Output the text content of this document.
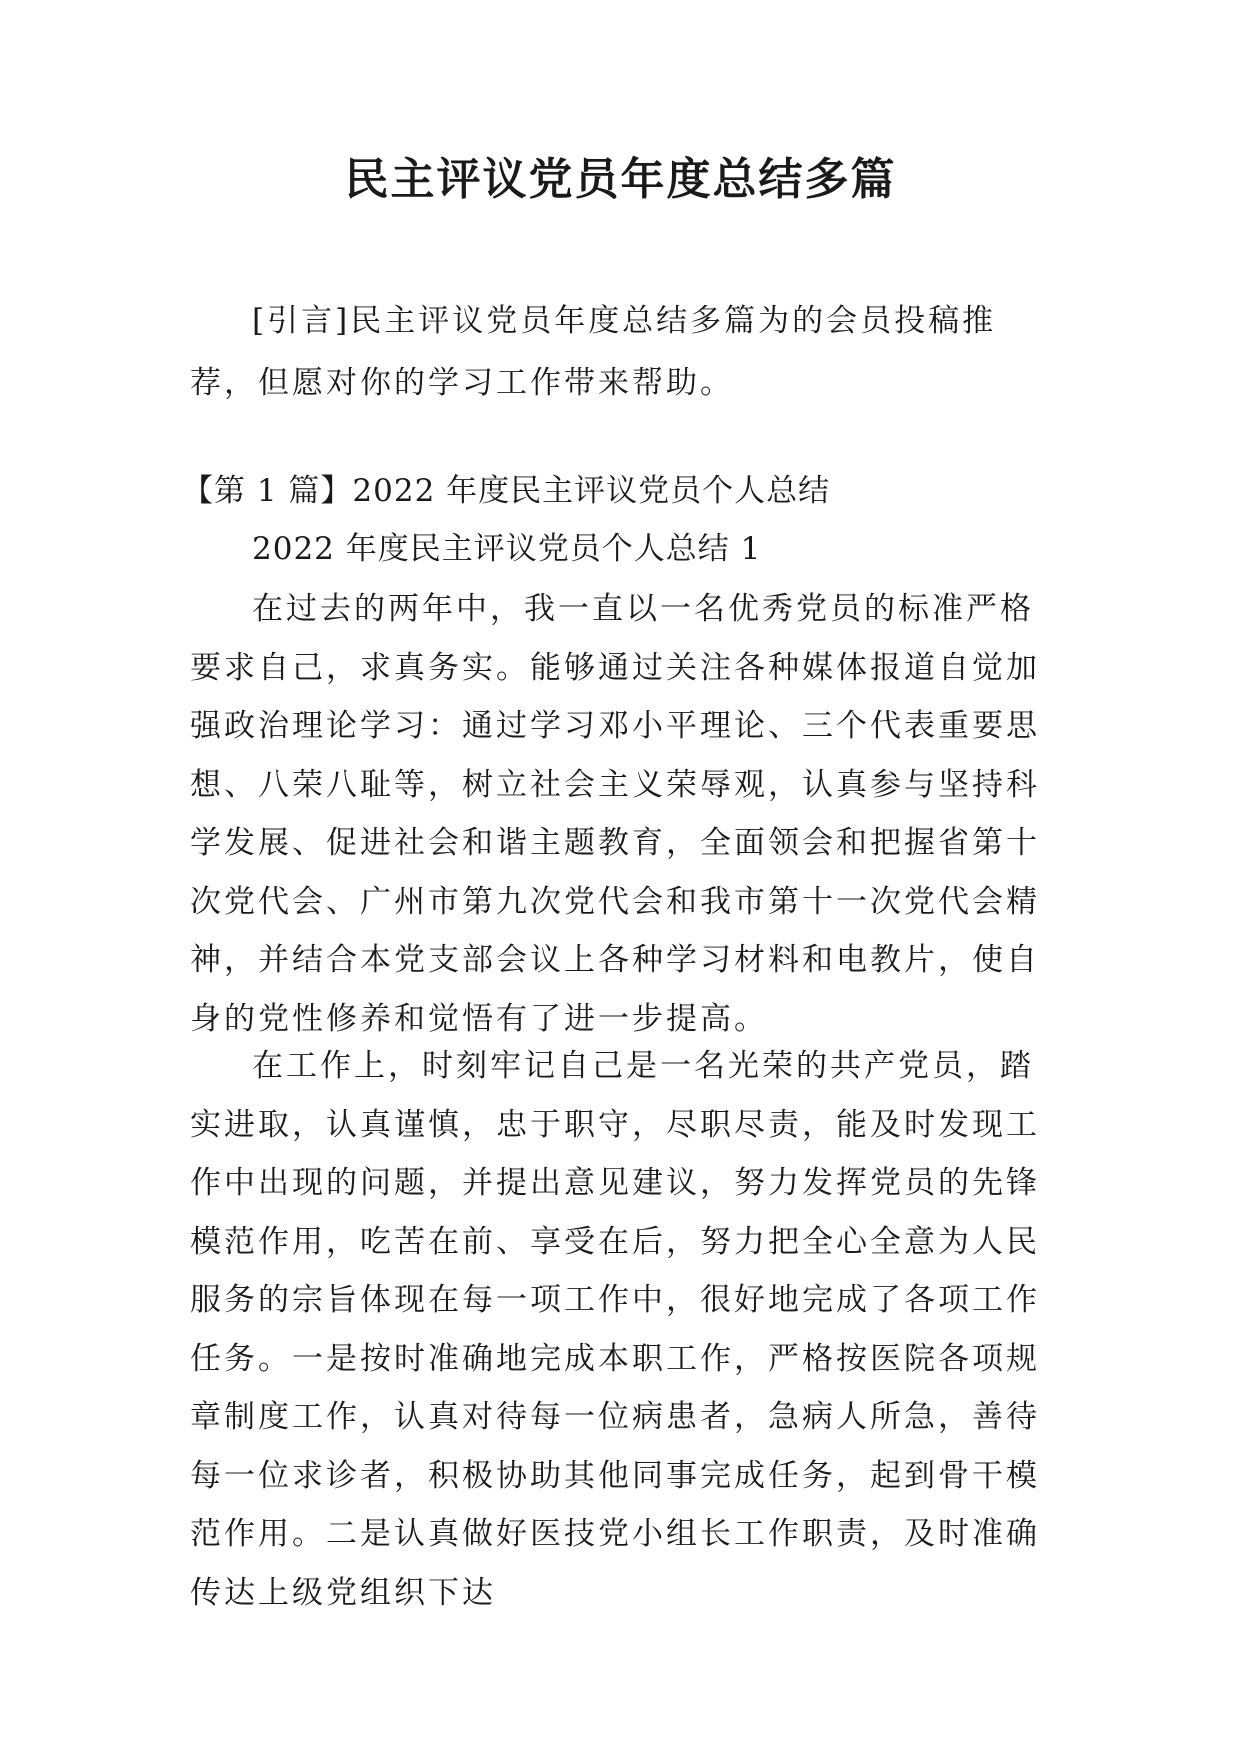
民主评议党员年度总结多篇

[引言]民主评议党员年度总结多篇为的会员投稿推荐，但愿对你的学习工作带来帮助。

【第 1 篇】2022 年度民主评议党员个人总结

2022 年度民主评议党员个人总结 1

在过去的两年中，我一直以一名优秀党员的标准严格要求自己，求真务实。能够通过关注各种媒体报道自觉加强政治理论学习：通过学习邓小平理论、三个代表重要思想、八荣八耻等，树立社会主义荣辱观，认真参与坚持科学发展、促进社会和谐主题教育，全面领会和把握省第十次党代会、广州市第九次党代会和我市第十一次党代会精神，并结合本党支部会议上各种学习材料和电教片，使自身的党性修养和觉悟有了进一步提高。

在工作上，时刻牢记自己是一名光荣的共产党员，踏实进取，认真谨慎，忠于职守，尽职尽责，能及时发现工作中出现的问题，并提出意见建议，努力发挥党员的先锋模范作用，吃苦在前、享受在后，努力把全心全意为人民服务的宗旨体现在每一项工作中，很好地完成了各项工作任务。一是按时准确地完成本职工作，严格按医院各项规章制度工作，认真对待每一位病患者，急病人所急，善待每一位求诊者，积极协助其他同事完成任务，起到骨干模范作用。二是认真做好医技党小组长工作职责，及时准确传达上级党组织下达
